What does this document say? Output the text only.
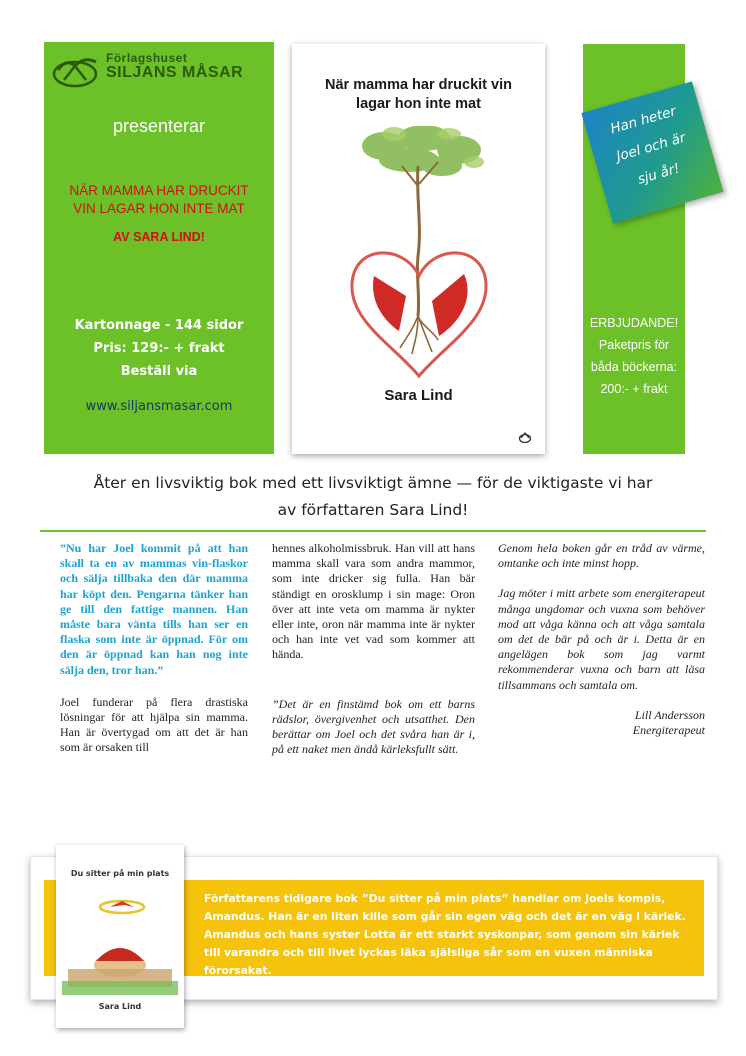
Förlagshuset
SILJANS MÅSAR
presenterar
NÄR MAMMA HAR DRUCKIT
VIN LAGAR HON INTE MAT
AV SARA LIND!
Kartonnage - 144 sidor
Pris: 129:- + frakt
Beställ via
www.siljansmasar.com
När mamma har druckit vin
lagar hon inte mat
Sara Lind
ERBJUDANDE!
Paketpris för
båda böckerna:
200:- + frakt
Han heter
Joel och är
sju år!
Åter en livsviktig bok med ett livsviktigt ämne — för de viktigaste vi har
av författaren Sara Lind!

”Nu har Joel kommit på att han skall ta en av mammas vin-flaskor och sälja tillbaka den där mamma har köpt den. Pengarna tänker han ge till den fattige mannen. Han måste bara vänta tills han ser en flaska som inte är öppnad. För om den är öppnad kan han nog inte sälja den, tror han.”

Joel funderar på flera drastiska lösningar för att hjälpa sin mamma. Han är övertygad om att det är han som är orsaken till

hennes alkoholmissbruk. Han vill att hans mamma skall vara som andra mammor, som inte dricker sig fulla. Han bär ständigt en orosklump i sin mage: Oron över att inte veta om mamma är nykter eller inte, oron när mamma inte är nykter och han inte vet vad som kommer att hända.

”Det är en finstämd bok om ett barns rädslor, övergivenhet och utsatthet. Den berättar om Joel och det svåra han är i, på ett naket men ändå kärleksfullt sätt.

Genom hela boken går en tråd av värme, omtanke och inte minst hopp.

Jag möter i mitt arbete som energiterapeut många ungdomar och vuxna som behöver mod att våga känna och att våga samtala om det de bär på och är i. Detta är en angelägen bok som jag varmt rekommenderar vuxna och barn att läsa tillsammans och samtala om.

Lill Andersson
Energiterapeut
Författarens tidigare bok ”Du sitter på min plats” handlar om Joels kompis, Amandus. Han är en liten kille som går sin egen väg och det är en väg i kärlek. Amandus och hans syster Lotta är ett starkt syskonpar, som genom sin kärlek till varandra och till livet lyckas läka själsliga sår som en vuxen människa förorsakat.
Du sitter på min plats
Sara Lind
